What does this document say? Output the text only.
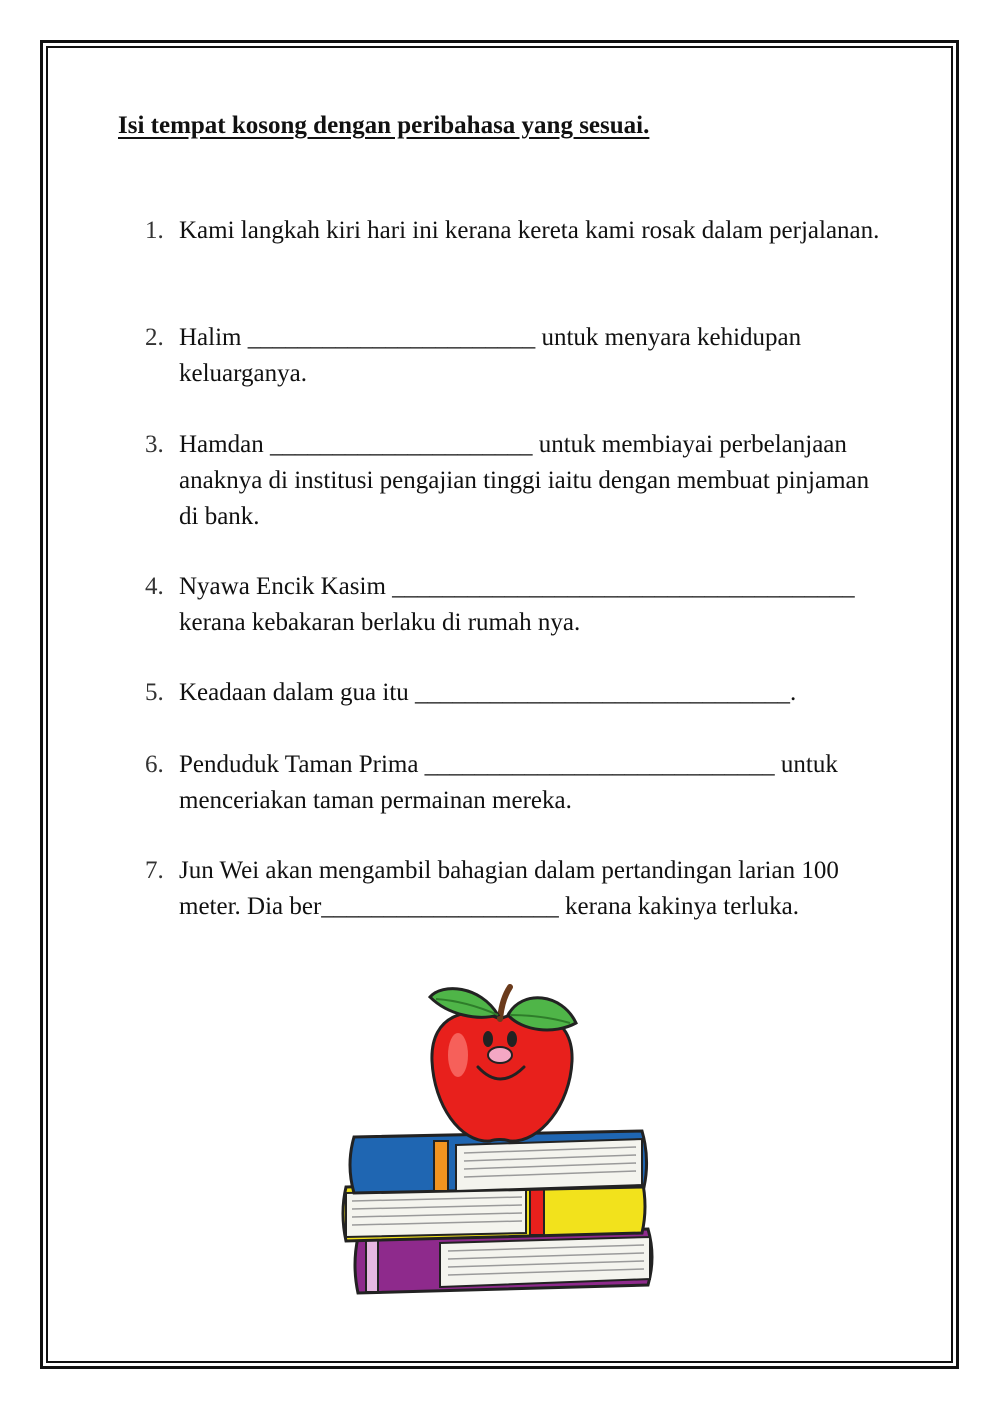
Isi tempat kosong dengan peribahasa yang sesuai.
1. Kami langkah kiri hari ini kerana kereta kami rosak dalam perjalanan.
2. Halim _______________________ untuk menyara kehidupan keluarganya.
3. Hamdan _____________________ untuk membiayai perbelanjaan anaknya di institusi pengajian tinggi iaitu dengan membuat pinjaman di bank.
4. Nyawa Encik Kasim _____________________________________ kerana kebakaran berlaku di rumah nya.
5. Keadaan dalam gua itu ______________________________.
6. Penduduk Taman Prima ____________________________ untuk menceriakan taman permainan mereka.
7. Jun Wei akan mengambil bahagian dalam pertandingan larian 100 meter. Dia ber___________________ kerana kakinya terluka.
